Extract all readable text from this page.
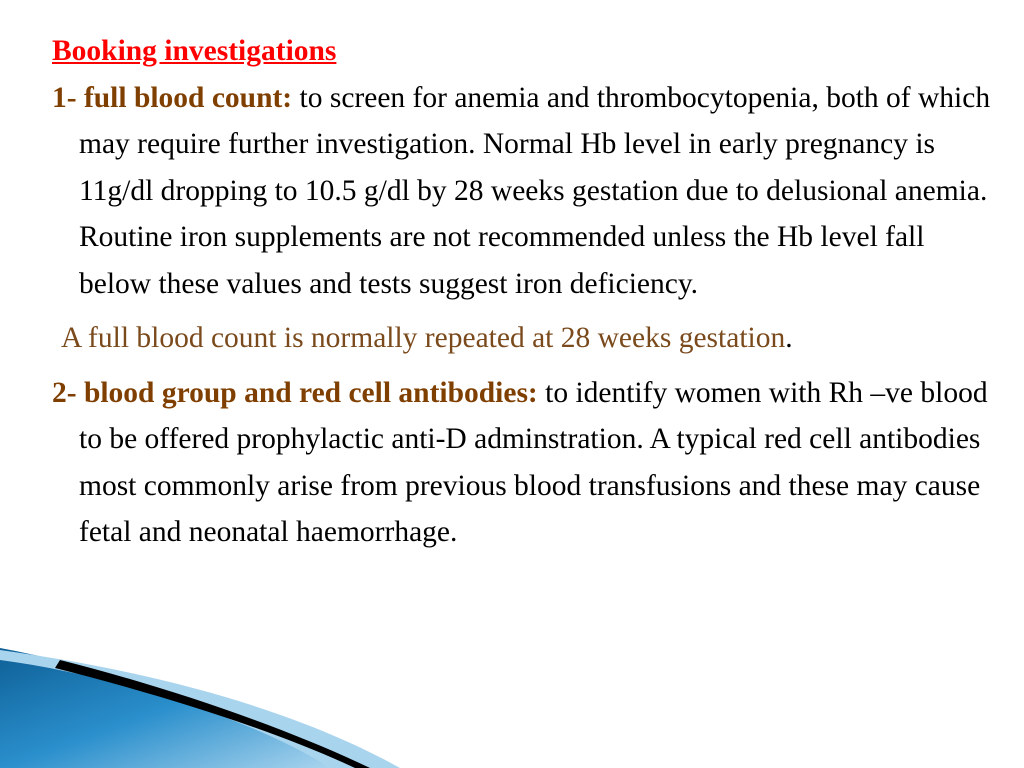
Booking investigations

1- full blood count: to screen for anemia and thrombocytopenia, both of which may require further investigation. Normal Hb level in early pregnancy is 11g/dl dropping to 10.5 g/dl by 28 weeks gestation due to delusional anemia. Routine iron supplements are not recommended unless the Hb level fall below these values and tests suggest iron deficiency.

A full blood count is normally repeated at 28 weeks gestation.

2- blood group and red cell antibodies: to identify women with Rh –ve blood to be offered prophylactic anti-D adminstration. A typical red cell antibodies most commonly arise from previous blood transfusions and these may cause fetal and neonatal haemorrhage.
